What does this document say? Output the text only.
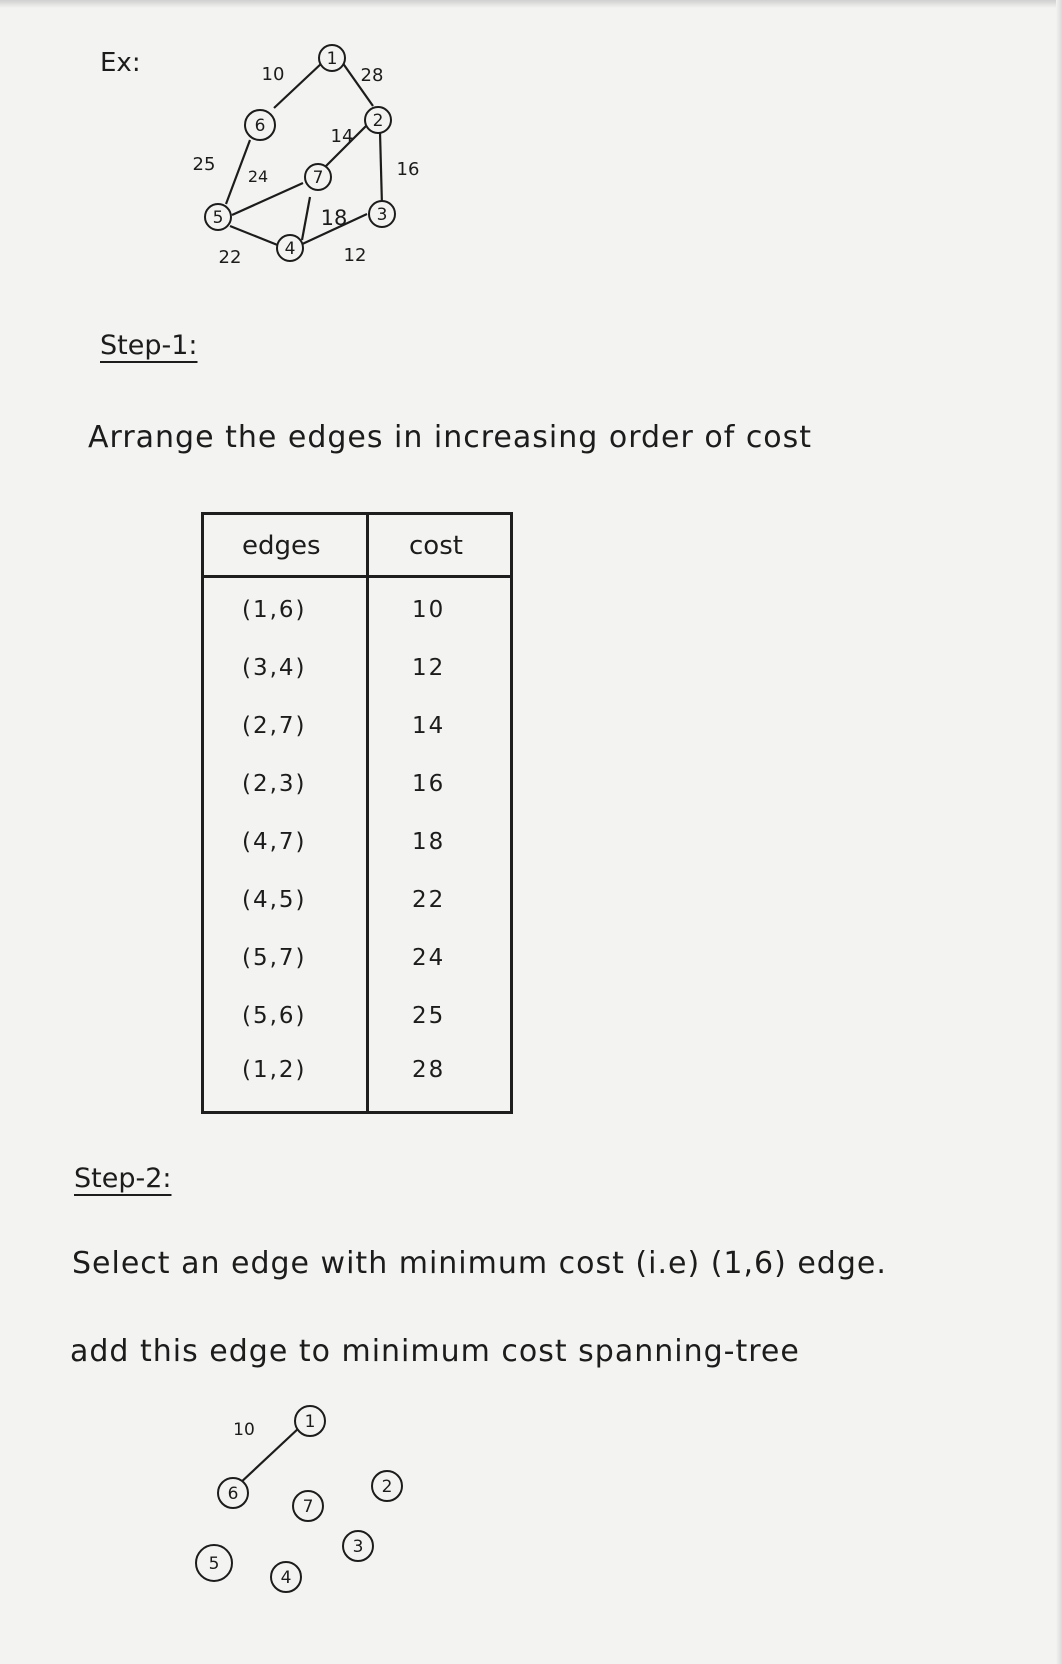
Ex:	1
2
3
4
5
6
7
10	28
14
16
12
18
22
24
25
Step-1:
Arrange the edges in increasing order of cost
edges	cost
(1,6)	10
(3,4)	12
(2,7)	14
(2,3)	16
(4,7)	18
(4,5)	22
(5,7)	24
(5,6)	25
(1,2)	28
Step-2:
Select an edge with minimum cost (i.e) (1,6) edge.
add this edge to minimum cost spanning-tree
1
2
3
4
5
6
7
10
